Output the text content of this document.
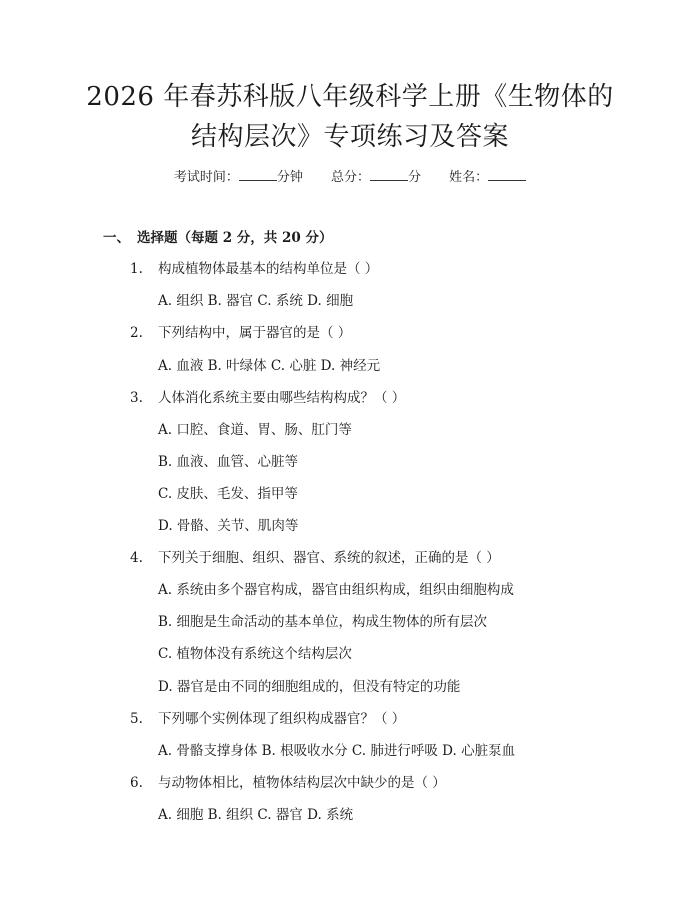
2026 年春苏科版八年级科学上册《生物体的
结构层次》专项练习及答案
考试时间：	分钟 总分：	分 姓名：
一、 选择题（每题 2 分，共 20 分）
1. 构成植物体最基本的结构单位是（ ）
A. 组织 B. 器官 C. 系统 D. 细胞
2. 下列结构中，属于器官的是（ ）
A. 血液 B. 叶绿体 C. 心脏 D. 神经元
3. 人体消化系统主要由哪些结构构成？（ ）
A. 口腔、食道、胃、肠、肛门等
B. 血液、血管、心脏等
C. 皮肤、毛发、指甲等
D. 骨骼、关节、肌肉等
4. 下列关于细胞、组织、器官、系统的叙述，正确的是（ ）
A. 系统由多个器官构成，器官由组织构成，组织由细胞构成
B. 细胞是生命活动的基本单位，构成生物体的所有层次
C. 植物体没有系统这个结构层次
D. 器官是由不同的细胞组成的，但没有特定的功能
5. 下列哪个实例体现了组织构成器官？（ ）
A. 骨骼支撑身体 B. 根吸收水分 C. 肺进行呼吸 D. 心脏泵血
6. 与动物体相比，植物体结构层次中缺少的是（ ）
A. 细胞 B. 组织 C. 器官 D. 系统
